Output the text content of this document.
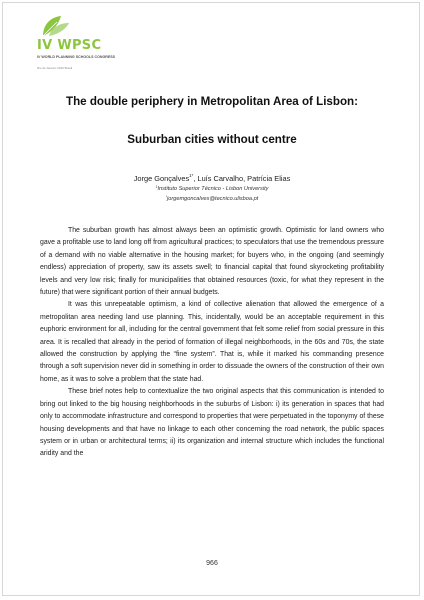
IV WPSC
IV WORLD PLANNING SCHOOLS CONGRESS
Rio de Janeiro 2016 Brasil
The double periphery in Metropolitan Area of Lisbon:
Suburban cities without centre
Jorge Gonçalves$^{1*}$, Luís Carvalho, Patrícia Elias
$^1$Instituto Superior Técnico - Lisbon University
*jorgemgoncalves@tecnico.ulisboa.pt

The suburban growth has almost always been an optimistic growth. Optimistic for land owners who gave a profitable use to land long off from agricultural practices; to speculators that use the tremendous pressure of a demand with no viable alternative in the housing market; for buyers who, in the ongoing (and seemingly endless) appreciation of property, saw its assets swell; to financial capital that found skyrocketing profitability levels and very low risk; finally for municipalities that obtained resources (toxic, for what they represent in the future) that were significant portion of their annual budgets.

It was this unrepeatable optimism, a kind of collective alienation that allowed the emergence of a metropolitan area needing land use planning. This, incidentally, would be an acceptable requirement in this euphoric environment for all, including for the central government that felt some relief from social pressure in this area. It is recalled that already in the period of formation of illegal neighborhoods, in the 60s and 70s, the state allowed the construction by applying the “fine system”. That is, while it marked his commanding presence through a soft supervision never did in something in order to dissuade the owners of the construction of their own home, as it was to solve a problem that the state had.

These brief notes help to contextualize the two original aspects that this communication is intended to bring out linked to the big housing neighborhoods in the suburbs of Lisbon: i) its generation in spaces that had only to accommodate infrastructure and correspond to properties that were perpetuated in the toponymy of these housing developments and that have no linkage to each other concerning the road network, the public spaces system or in urban or architectural terms; ii) its organization and internal structure which includes the functional aridity and the

966
